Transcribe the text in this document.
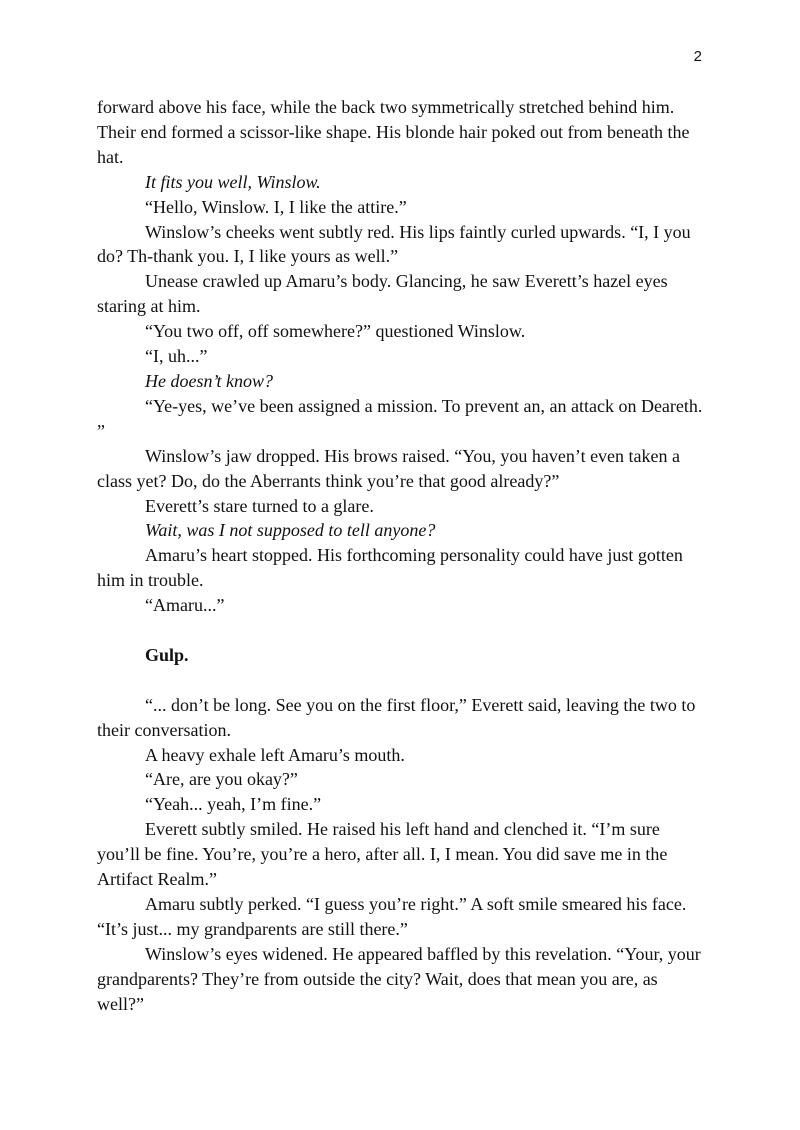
2

forward above his face, while the back two symmetrically stretched behind him. Their end formed a scissor-like shape. His blonde hair poked out from beneath the hat.

It fits you well, Winslow.

“Hello, Winslow. I, I like the attire.”

Winslow’s cheeks went subtly red. His lips faintly curled upwards. “I, I you do? Th-thank you. I, I like yours as well.”

Unease crawled up Amaru’s body. Glancing, he saw Everett’s hazel eyes staring at him.

“You two off, off somewhere?” questioned Winslow.

“I, uh...”

He doesn’t know?

“Ye-yes, we’ve been assigned a mission. To prevent an, an attack on Deareth. ”

Winslow’s jaw dropped. His brows raised. “You, you haven’t even taken a class yet? Do, do the Aberrants think you’re that good already?”

Everett’s stare turned to a glare.

Wait, was I not supposed to tell anyone?

Amaru’s heart stopped. His forthcoming personality could have just gotten him in trouble.

“Amaru...”

Gulp.

“... don’t be long. See you on the first floor,” Everett said, leaving the two to their conversation.

A heavy exhale left Amaru’s mouth.

“Are, are you okay?”

“Yeah... yeah, I’m fine.”

Everett subtly smiled. He raised his left hand and clenched it. “I’m sure you’ll be fine. You’re, you’re a hero, after all. I, I mean. You did save me in the Artifact Realm.”

Amaru subtly perked. “I guess you’re right.” A soft smile smeared his face. “It’s just... my grandparents are still there.”

Winslow’s eyes widened. He appeared baffled by this revelation. “Your, your grandparents? They’re from outside the city? Wait, does that mean you are, as well?”
